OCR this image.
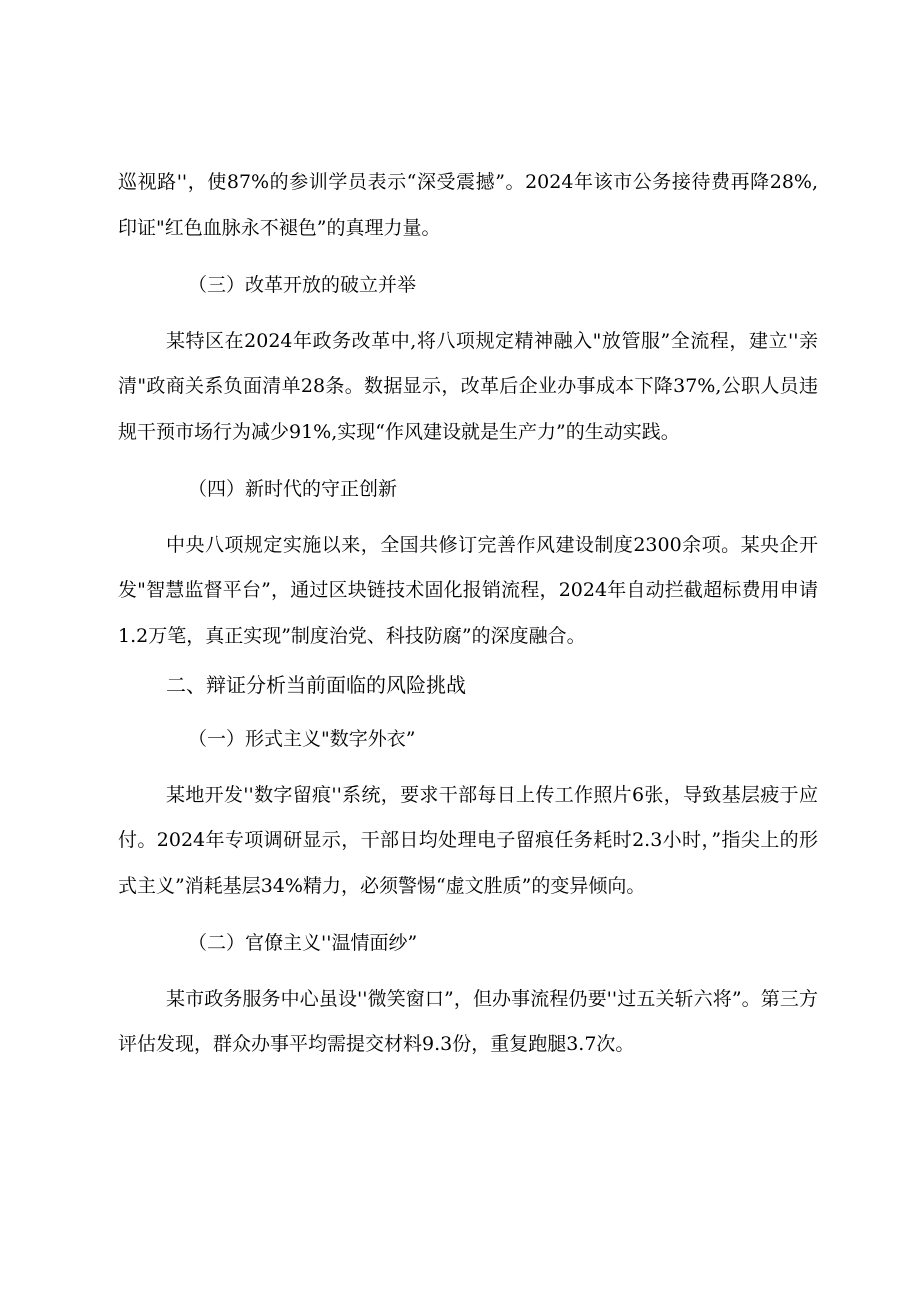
巡视路''，使87%的参训学员表示“深受震撼”。2024年该市公务接待费再降28%,印证"红色血脉永不褪色”的真理力量。

（三）改革开放的破立并举

某特区在2024年政务改革中,将八项规定精神融入"放管服”全流程，建立''亲清"政商关系负面清单28条。数据显示，改革后企业办事成本下降37%,公职人员违规干预市场行为减少91%,实现“作风建设就是生产力”的生动实践。

（四）新时代的守正创新

中央八项规定实施以来，全国共修订完善作风建设制度2300余项。某央企开发"智慧监督平台”，通过区块链技术固化报销流程，2024年自动拦截超标费用申请1.2万笔，真正实现”制度治党、科技防腐”的深度融合。

二、辩证分析当前面临的风险挑战

（一）形式主义"数字外衣”

某地开发''数字留痕''系统，要求干部每日上传工作照片6张，导致基层疲于应付。2024年专项调研显示，干部日均处理电子留痕任务耗时2.3小时，”指尖上的形式主义”消耗基层34%精力，必须警惕“虚文胜质”的变异倾向。

（二）官僚主义''温情面纱”

某市政务服务中心虽设''微笑窗口”，但办事流程仍要''过五关斩六将”。第三方评估发现，群众办事平均需提交材料9.3份，重复跑腿3.7次。
